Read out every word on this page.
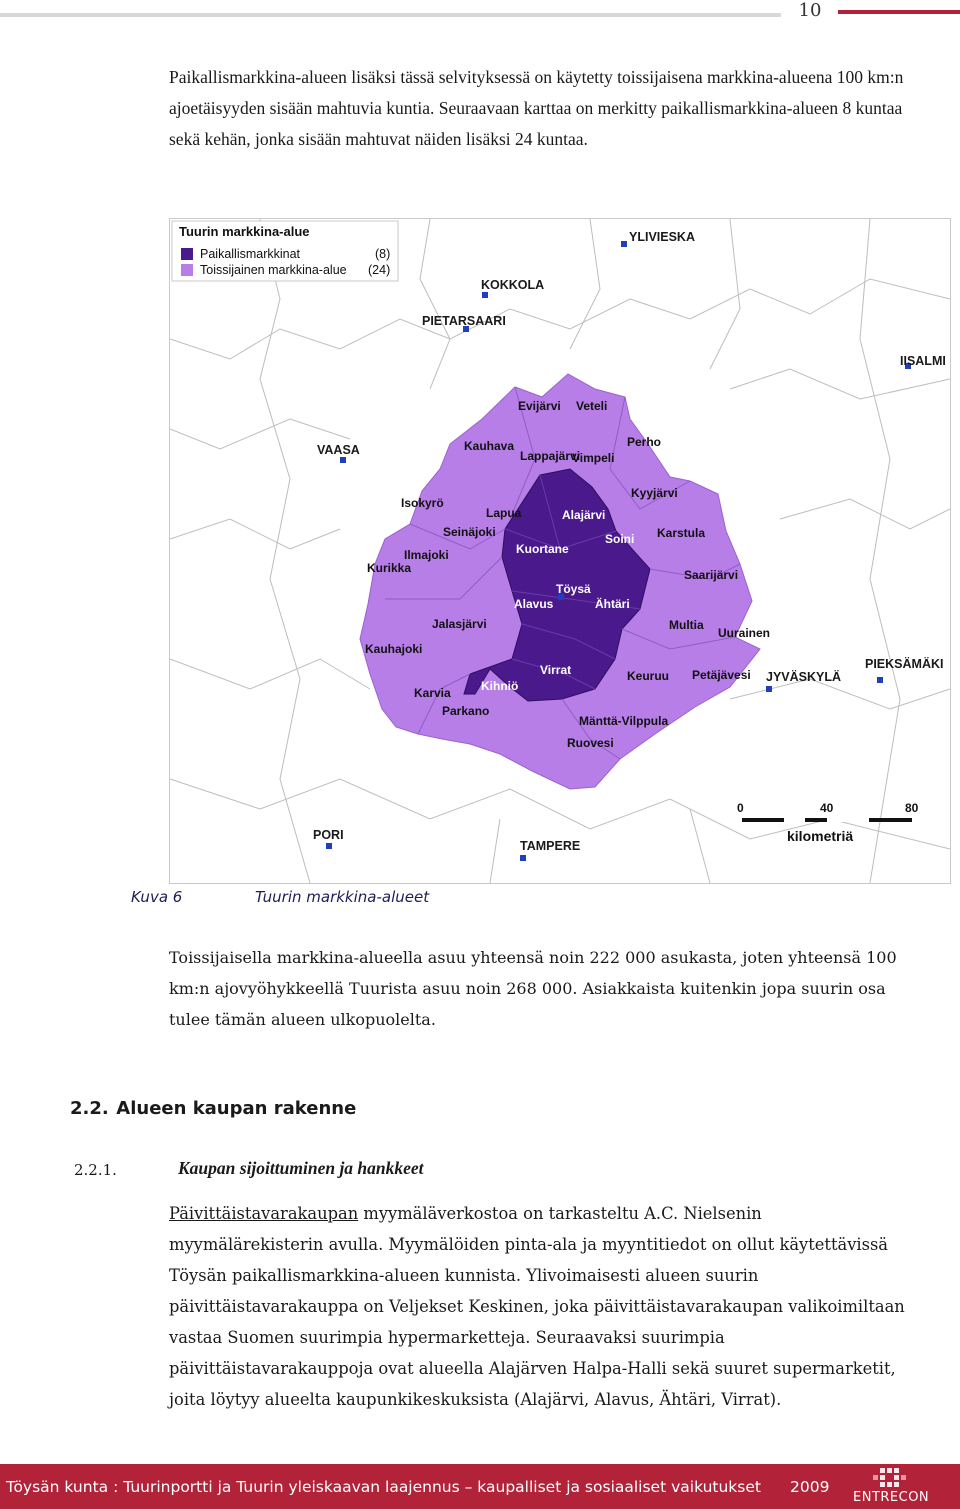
10
Paikallismarkkina-alueen lisäksi tässä selvityksessä on käytetty toissijaisena markkina-alueena 100 km:n ajoetäisyyden sisään mahtuvia kuntia. Seuraavaan karttaa on merkitty paikallismarkkina-alueen 8 kuntaa sekä kehän, jonka sisään mahtuvat näiden lisäksi 24 kuntaa.
Tuurin markkina-alue
Paikallismarkkinat	(8)
Toissijainen markkina-alue (24)
YLIVIESKA
KOKKOLA
PIETARSAARI
IISALMI
VAASA
JYVÄSKYLÄ
PIEKSÄMÄKI
PORI
TAMPERE
Evijärvi Veteli
Kauhava
Lappajärvi
Vimpeli
Perho
Kyyjärvi
Isokyrö
Lapua	Alajärvi
Seinäjoki	Soini Karstula
Kuortane
Ilmajoki
Kurikka	Saarijärvi
Töysä
Alavus	Ähtäri
Jalasjärvi	Multia
Uurainen
Kauhajoki
Virrat	Keuruu Petäjävesi
Kihniö
Karvia
Parkano
Mänttä-Vilppula
Ruovesi
0	40	80
kilometriä
Kuva 6	Tuurin markkina-alueet
Toissijaisella markkina-alueella asuu yhteensä noin 222 000 asukasta, joten yhteensä 100 km:n ajovyöhykkeellä Tuurista asuu noin 268 000. Asiakkaista kuitenkin jopa suurin osa tulee tämän alueen ulkopuolelta.
2.2. Alueen kaupan rakenne
2.2.1.	Kaupan sijoittuminen ja hankkeet
Päivittäistavarakaupan myymäläverkostoa on tarkasteltu A.C. Nielsenin myymälärekisterin avulla. Myymälöiden pinta-ala ja myyntitiedot on ollut käytettävissä Töysän paikallismarkkina-alueen kunnista. Ylivoimaisesti alueen suurin päivittäistavarakauppa on Veljekset Keskinen, joka päivittäistavarakaupan valikoimiltaan vastaa Suomen suurimpia hypermarketteja. Seuraavaksi suurimpia päivittäistavarakauppoja ovat alueella Alajärven Halpa-Halli sekä suuret supermarketit, joita löytyy alueelta kaupunkikeskuksista (Alajärvi, Alavus, Ähtäri, Virrat).
Töysän kunta : Tuurinportti ja Tuurin yleiskaavan laajennus – kaupalliset ja sosiaaliset vaikutukset 2009
ENTRECON
